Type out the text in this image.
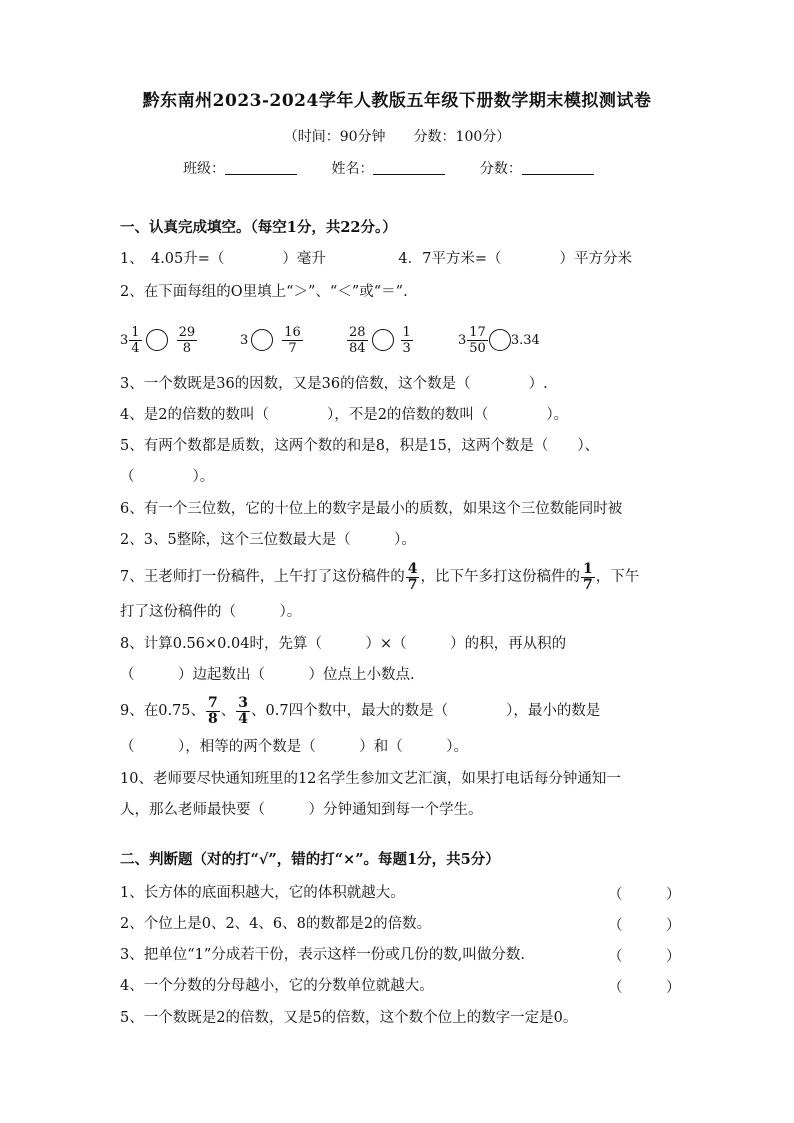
黔东南州2023-2024学年人教版五年级下册数学期末模拟测试卷
（时间：90分钟　　分数：100分）
班级：	姓名：	分数：
一、认真完成填空。（每空1分，共22分。）
1、　4.05升=（　　　　）毫升　　　　　4．7平方米=（　　　　）平方分米
2、在下面每组的O里填上“＞”、“＜”或“＝”.
$3 \frac{1}{4}$	$\frac{29}{8}$	3	$\frac{16}{7}$	$\frac{28}{84}$	$\frac{1}{3}$	$3 \frac{17}{50} 3.34$
3、一个数既是36的因数，又是36的倍数，这个数是（　　　　）.
4、是2的倍数的数叫（　　　　），不是2的倍数的数叫（　　　　）。
5、有两个数都是质数，这两个数的和是8，积是15，这两个数是（　　）、
（　　　　）。
6、有一个三位数，它的十位上的数字是最小的质数，如果这个三位数能同时被
2、3、5整除，这个三位数最大是（　　　）。
7、王老师打一份稿件，上午打了这份稿件的 $\frac{4}{7}$ ，比下午多打这份稿件的 $\frac{1}{7}$ ，下午
打了这份稿件的（　　　）。
8、计算0.56×0.04时，先算（　　　）×（　　　）的积，再从积的
（　　　）边起数出（　　　）位点上小数点.
9、在0.75、 $\frac{7}{8}$ 、 $\frac{3}{4}$ 、0.7四个数中，最大的数是（　　　　），最小的数是
（　　　），相等的两个数是（　　　）和（　　　）。
10、老师要尽快通知班里的12名学生参加文艺汇演，如果打电话每分钟通知一
人，那么老师最快要（　　　）分钟通知到每一个学生。
二、判断题（对的打“√”，错的打“×”。每题1分，共5分）
1、长方体的底面积越大，它的体积就越大。	（　　　）
2、个位上是0、2、4、6、8的数都是2的倍数。	（　　　）
3、把单位“1”分成若干份，表示这样一份或几份的数,叫做分数.	（　　　）
4、一个分数的分母越小，它的分数单位就越大。	（　　　）
5、一个数既是2的倍数，又是5的倍数，这个数个位上的数字一定是0。
